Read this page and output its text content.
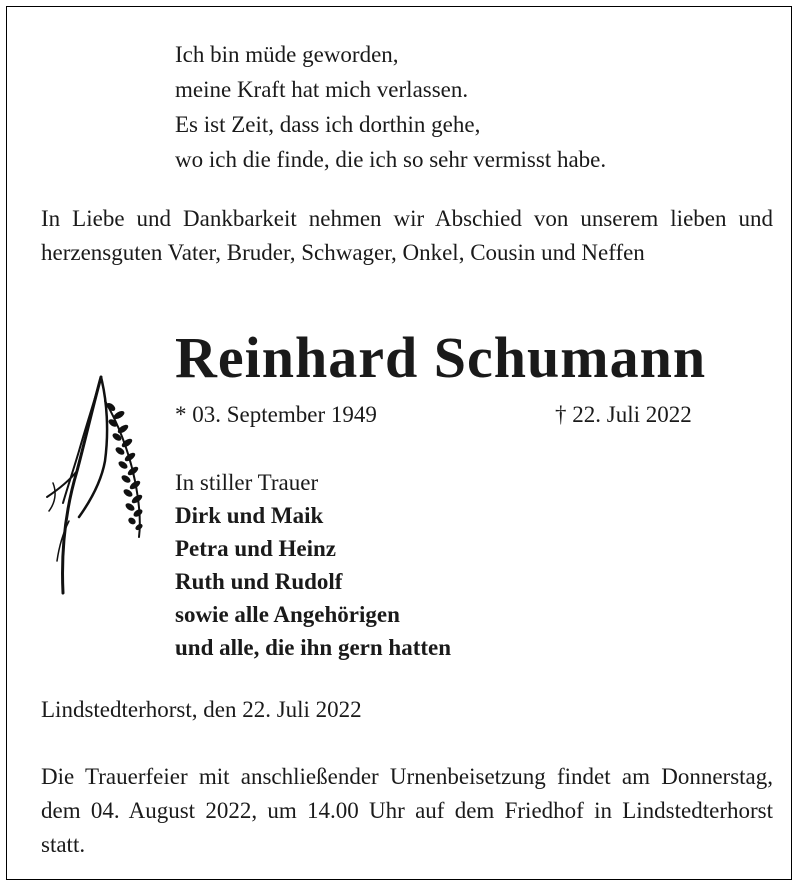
Ich bin müde geworden,
meine Kraft hat mich verlassen.
Es ist Zeit, dass ich dorthin gehe,
wo ich die finde, die ich so sehr vermisst habe.
In Liebe und Dankbarkeit nehmen wir Abschied von unserem lieben und herzensguten Vater, Bruder, Schwager, Onkel, Cousin und Neffen
Reinhard Schumann
* 03. September 1949	† 22. Juli 2022
In stiller Trauer
Dirk und Maik
Petra und Heinz
Ruth und Rudolf
sowie alle Angehörigen
und alle, die ihn gern hatten
Lindstedterhorst, den 22. Juli 2022
Die Trauerfeier mit anschließender Urnenbeisetzung findet am Donnerstag, dem 04. August 2022, um 14.00 Uhr auf dem Friedhof in Lindstedterhorst statt.
